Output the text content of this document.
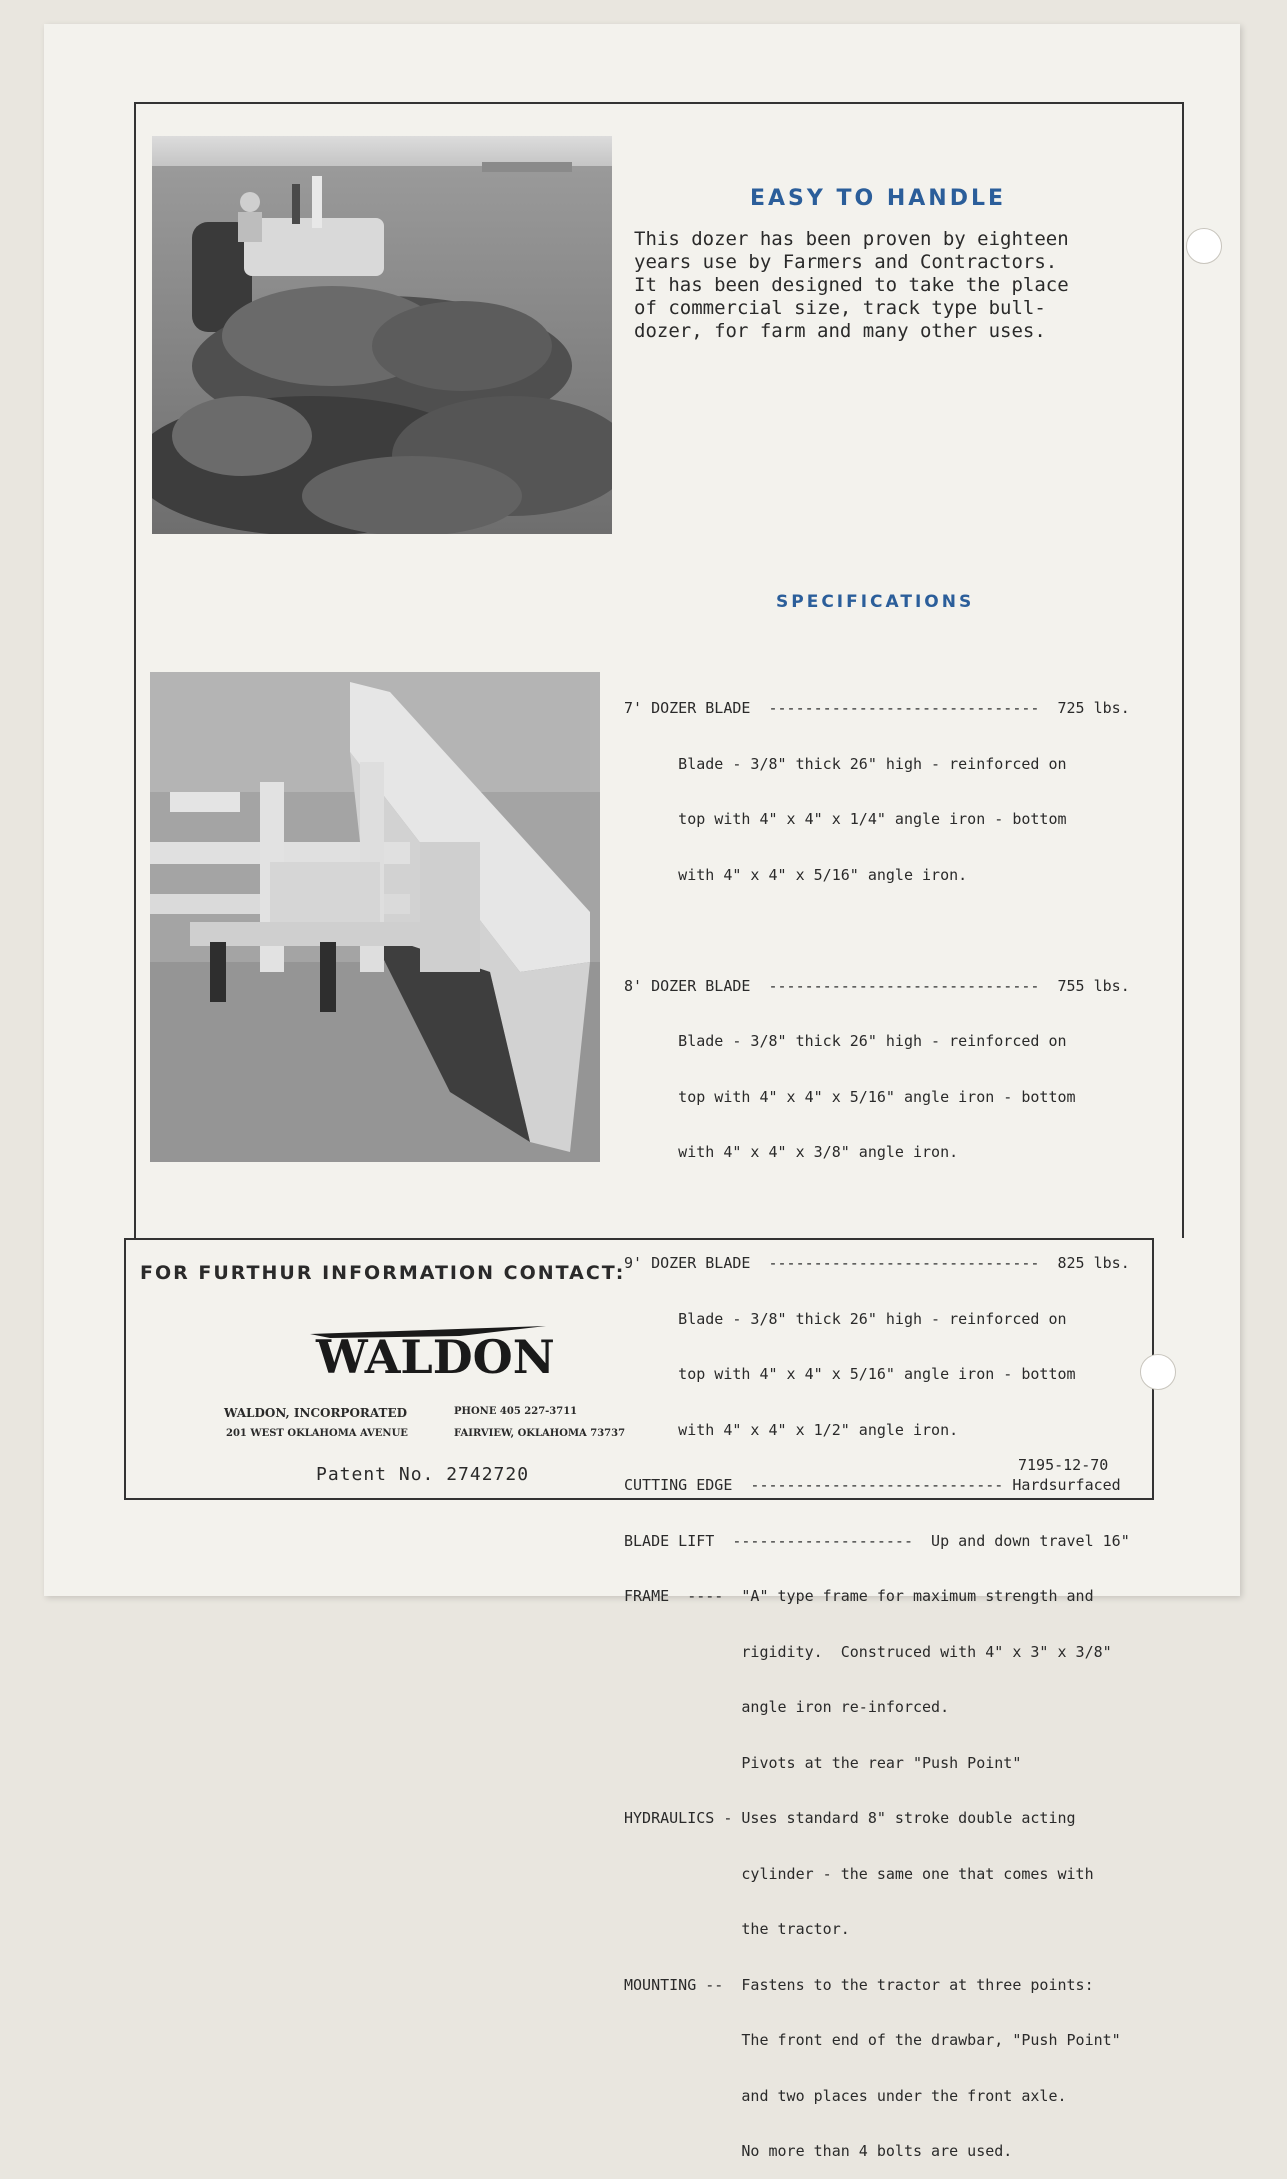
EASY TO HANDLE
This dozer has been proven by eighteen
years use by Farmers and Contractors.
It has been designed to take the place
of commercial size, track type bull-
dozer, for farm and many other uses.
SPECIFICATIONS

7' DOZER BLADE  ------------------------------  725 lbs.

Blade - 3/8" thick 26" high - reinforced on

top with 4" x 4" x 1/4" angle iron - bottom

with 4" x 4" x 5/16" angle iron.

8' DOZER BLADE  ------------------------------  755 lbs.

Blade - 3/8" thick 26" high - reinforced on

top with 4" x 4" x 5/16" angle iron - bottom

with 4" x 4" x 3/8" angle iron.

9' DOZER BLADE  ------------------------------  825 lbs.

Blade - 3/8" thick 26" high - reinforced on

top with 4" x 4" x 5/16" angle iron - bottom

with 4" x 4" x 1/2" angle iron.

CUTTING EDGE  ---------------------------- Hardsurfaced

BLADE LIFT  --------------------  Up and down travel 16"

FRAME  ----  "A" type frame for maximum strength and

rigidity.  Construced with 4" x 3" x 3/8"

angle iron re-inforced.

Pivots at the rear "Push Point"

HYDRAULICS - Uses standard 8" stroke double acting

cylinder - the same one that comes with

the tractor.

MOUNTING --  Fastens to the tractor at three points:

The front end of the drawbar, "Push Point"

and two places under the front axle.

No more than 4 bolts are used.

FOR FURTHUR INFORMATION CONTACT:

WALDON

WALDON, INCORPORATED	PHONE 405 227-3711

201 WEST OKLAHOMA AVENUE	FAIRVIEW, OKLAHOMA 73737

Patent No. 2742720	7195-12-70
